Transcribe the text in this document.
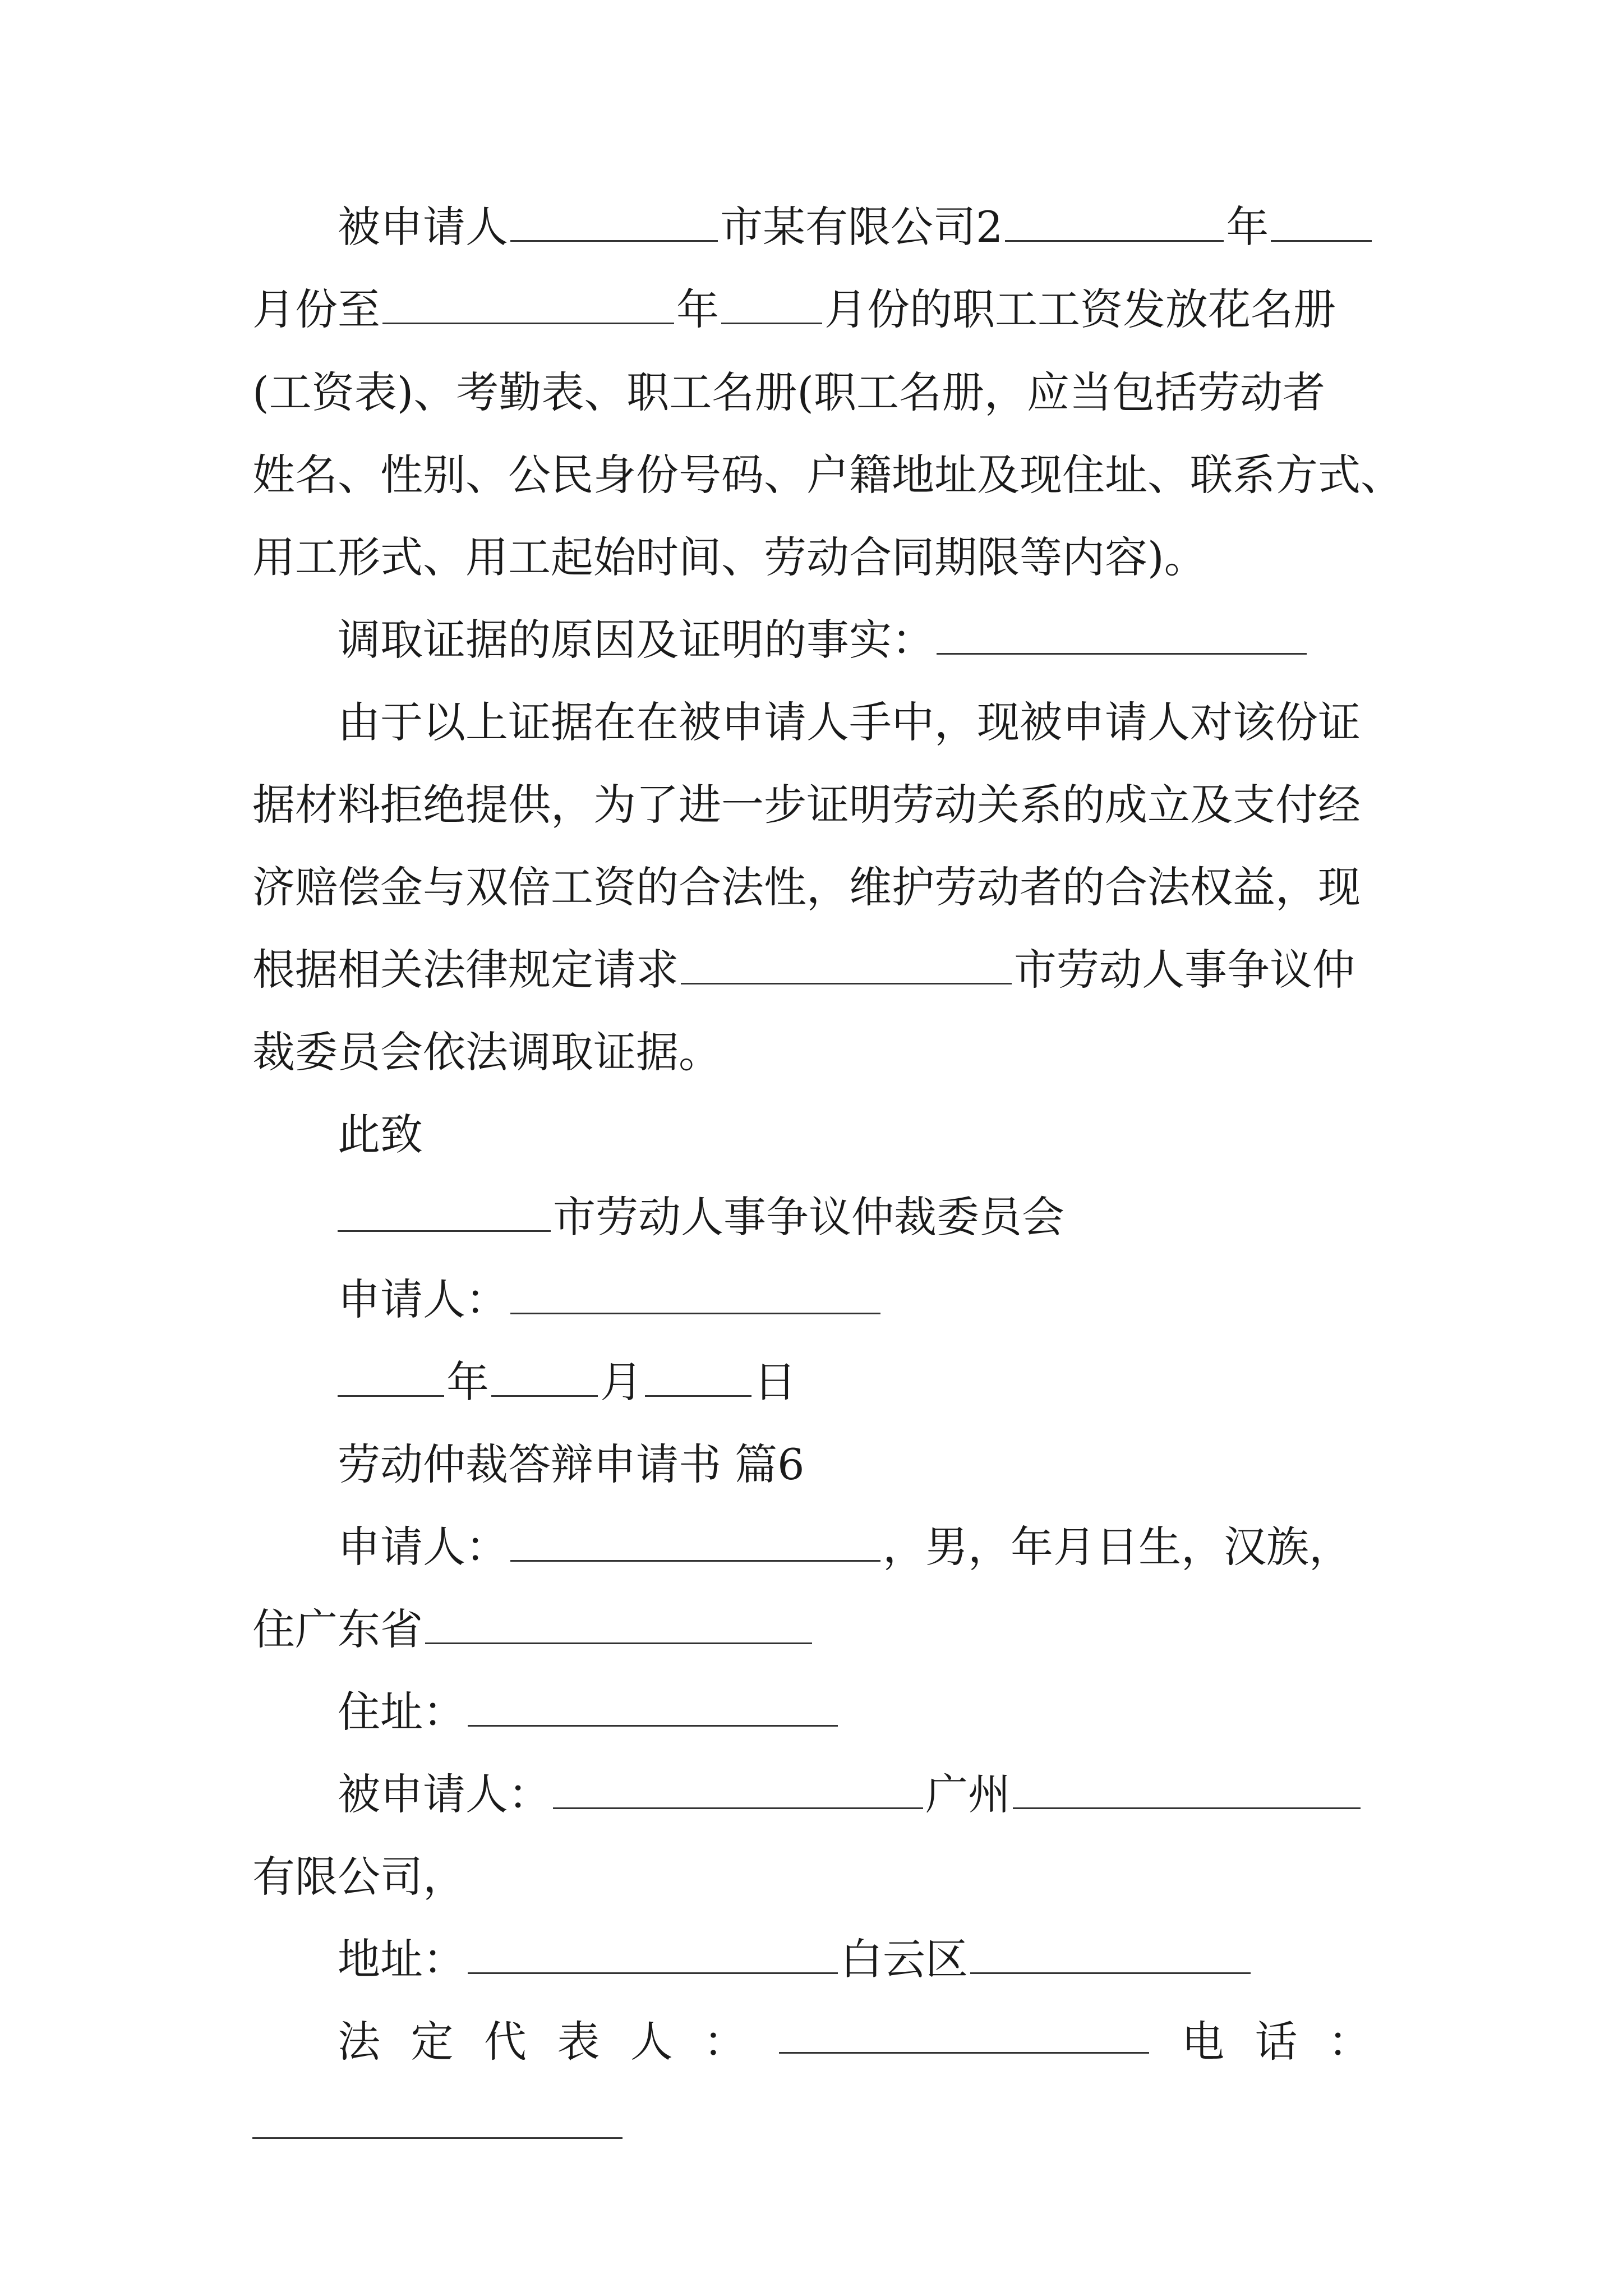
被申请人	市某有限公司2	年
月份至	年 月份的职工工资发放花名册
(工资表)、考勤表、职工名册(职工名册，应当包括劳动者
姓名、性别、公民身份号码、户籍地址及现住址、联系方式、
用工形式、用工起始时间、劳动合同期限等内容)。
调取证据的原因及证明的事实：
由于以上证据在在被申请人手中，现被申请人对该份证
据材料拒绝提供，为了进一步证明劳动关系的成立及支付经
济赔偿金与双倍工资的合法性，维护劳动者的合法权益，现
根据相关法律规定请求	市劳动人事争议仲
裁委员会依法调取证据。
此致
市劳动人事争议仲裁委员会
申请人：
年	月	日
劳动仲裁答辩申请书 篇6
申请人：	，男，年月日生，汉族，
住广东省
住址：
被申请人：	广州
有限公司，
地址：	白云区
法 定 代 表 人 ：	电 话 ：
